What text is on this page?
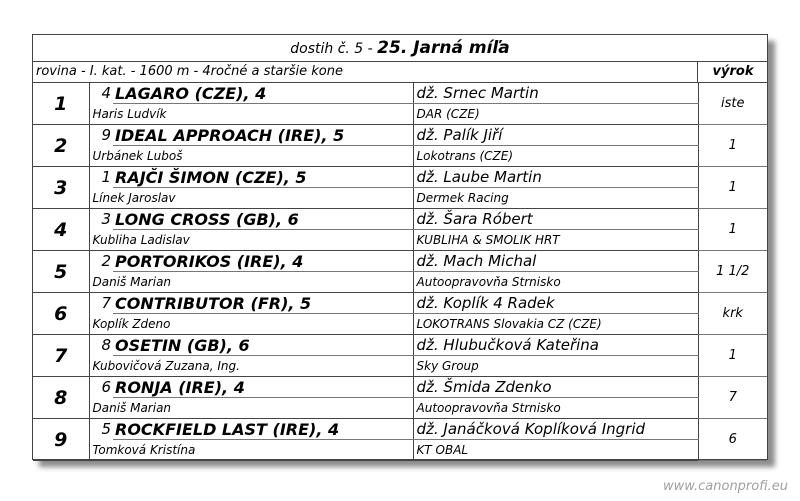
dostih č. 5 - 25. Jarná míľa
rovina - I. kat. - 1600 m - 4ročné a staršie kone	výrok
1	4	LAGARO (CZE), 4	dž. Srnec Martin	iste
	Haris Ludvík		DAR (CZE)	
2	9	IDEAL APPROACH (IRE), 5	dž. Palík Jiří	1
	Urbánek Luboš		Lokotrans (CZE)	
3	1	RAJČI ŠIMON (CZE), 5	dž. Laube Martin	1
	Línek Jaroslav		Dermek Racing	
4	3	LONG CROSS (GB), 6	dž. Šara Róbert	1
	Kubliha Ladislav		KUBLIHA & SMOLIK HRT	
5	2	PORTORIKOS (IRE), 4	dž. Mach Michal	1 1/2
	Daniš Marian		Autoopravovňa Strnisko	
6	7	CONTRIBUTOR (FR), 5	dž. Koplík 4 Radek	krk
	Koplík Zdeno		LOKOTRANS Slovakia CZ (CZE)	
7	8	OSETIN (GB), 6	dž. Hlubučková Kateřina	1
	Kubovičová Zuzana, Ing.		Sky Group	
8	6	RONJA (IRE), 4	dž. Šmida Zdenko	7
	Daniš Marian		Autoopravovňa Strnisko	
9	5	ROCKFIELD LAST (IRE), 4	dž. Janáčková Koplíková Ingrid	6
	Tomková Kristína		KT OBAL	
www.canonprofi.eu
